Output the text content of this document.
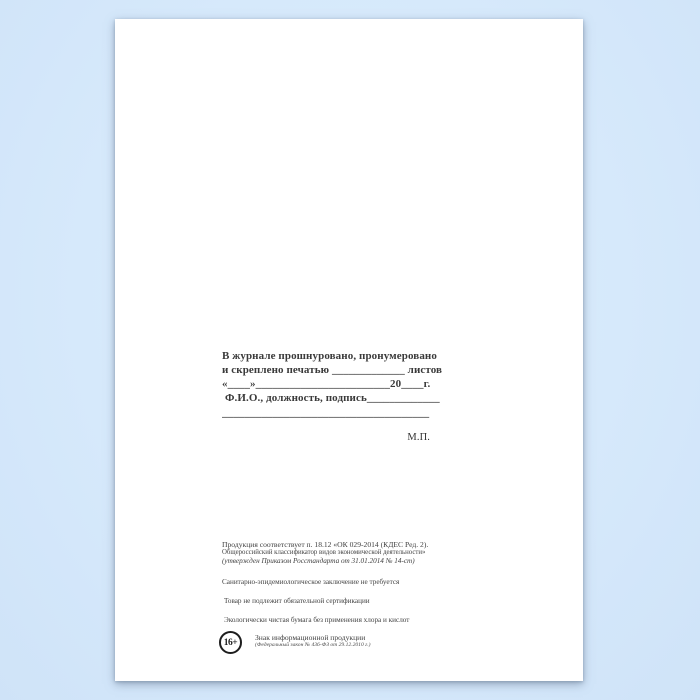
В журнале прошнуровано, пронумеровано
и скреплено печатью _____________ листов
«____»________________________20____г.
Ф.И.О., должность, подпись_____________
_____________________________________
М.П.
Продукция соответствует п. 18.12 «ОК 029-2014 (КДЕС Ред. 2).
Общероссийский классификатор видов экономической деятельности»
(утвержден Приказом Росстандарта от 31.01.2014 № 14-ст)
Санитарно-эпидемиологическое заключение не требуется
Товар не подлежит обязательной сертификации
Экологически чистая бумага без применения хлора и кислот
16+	Знак информационной продукции
(Федеральный закон № 436-ФЗ от 29.12.2010 г.)
